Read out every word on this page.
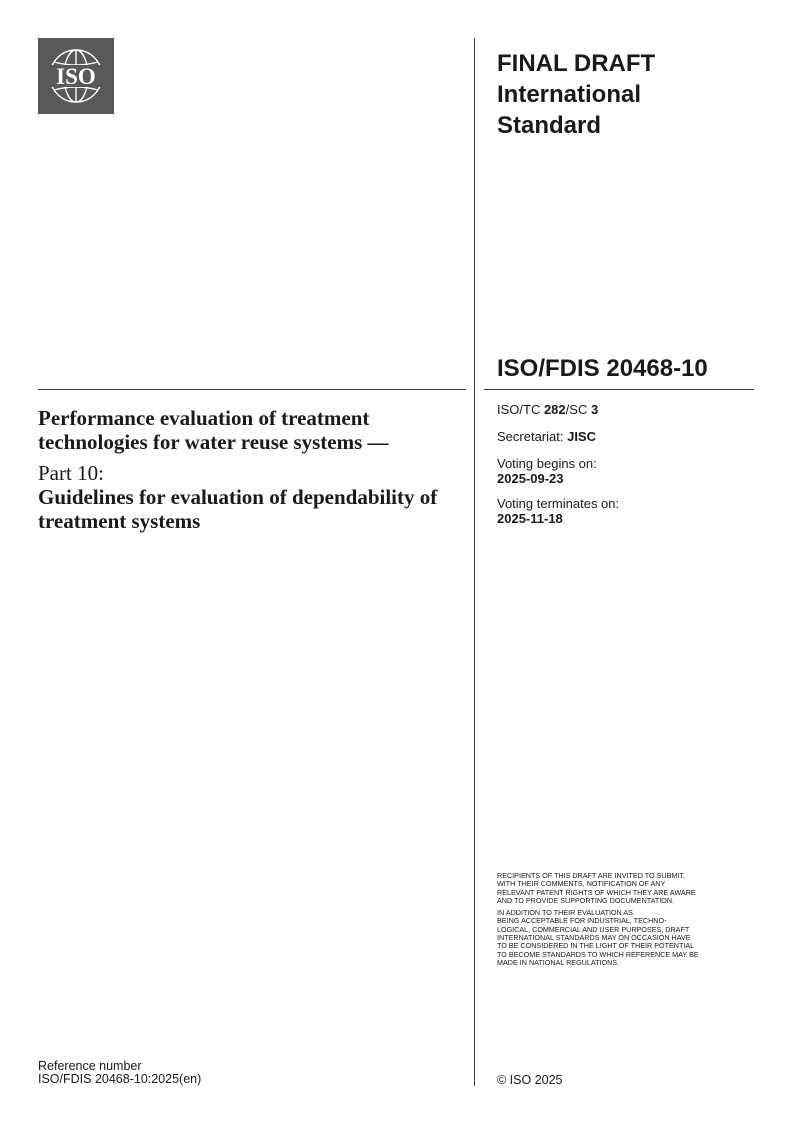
ISO	FINAL DRAFT
International
Standard
ISO/FDIS 20468-10
Performance evaluation of treatment technologies for water reuse systems —
Part 10:
Guidelines for evaluation of dependability of treatment systems
ISO/TC 282/SC 3
Secretariat: JISC
Voting begins on:
2025-09-23
Voting terminates on:
2025-11-18

RECIPIENTS OF THIS DRAFT ARE INVITED TO SUBMIT,
WITH THEIR COMMENTS, NOTIFICATION OF ANY
RELEVANT PATENT RIGHTS OF WHICH THEY ARE AWARE
AND TO PROVIDE SUPPORTING DOCUMENTATION.

IN ADDITION TO THEIR EVALUATION AS
BEING ACCEPTABLE FOR INDUSTRIAL, TECHNO-
LOGICAL, COMMERCIAL AND USER PURPOSES, DRAFT
INTERNATIONAL STANDARDS MAY ON OCCASION HAVE
TO BE CONSIDERED IN THE LIGHT OF THEIR POTENTIAL
TO BECOME STANDARDS TO WHICH REFERENCE MAY BE
MADE IN NATIONAL REGULATIONS.

Reference number
ISO/FDIS 20468-10:2025(en)	© ISO 2025
